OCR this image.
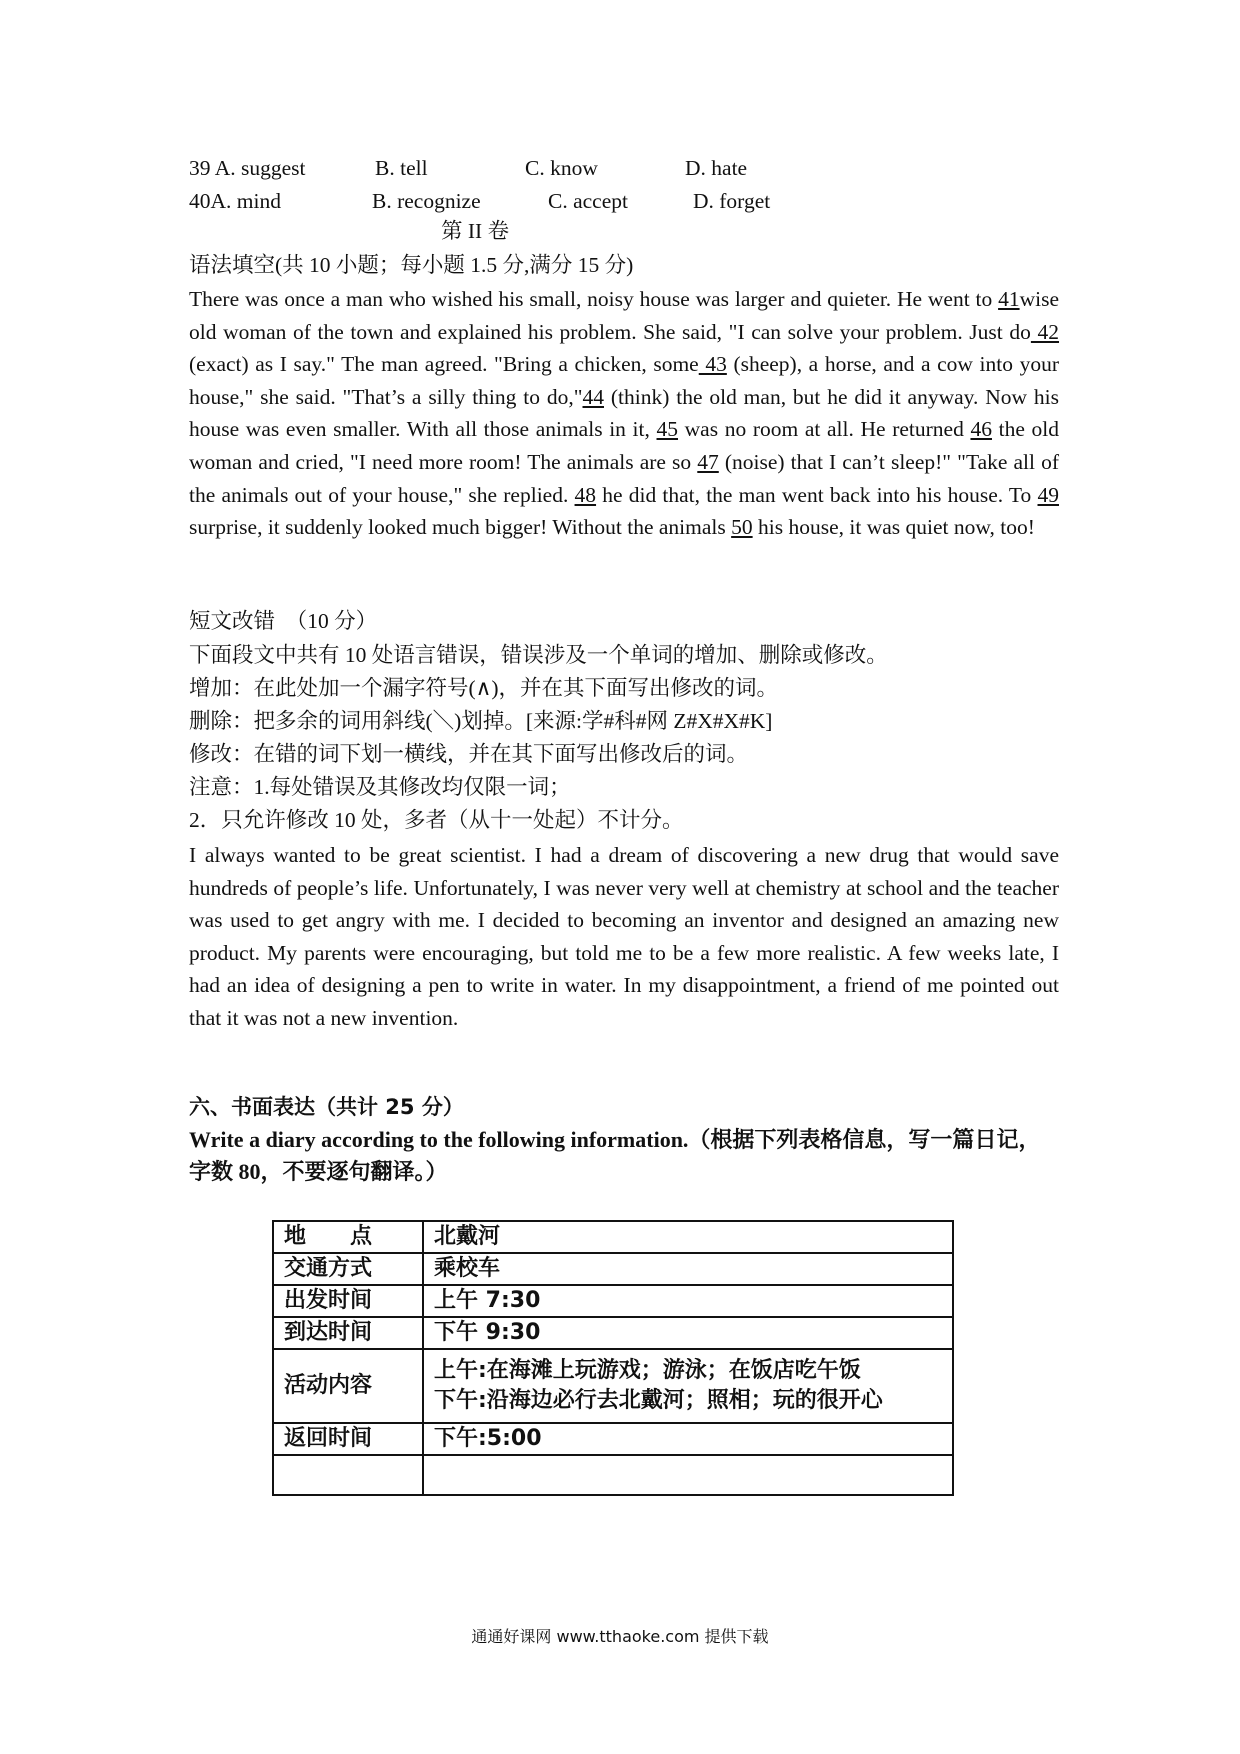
39 A. suggest	B. tell	C. know	D. hate
40A. mind	B. recognize	C. accept	D. forget
第 II 卷
语法填空(共 10 小题；每小题 1.5 分,满分 15 分)
There was once a man who wished his small, noisy house was larger and quieter. He went to 41wise old woman of the town and explained his problem. She said, "I can solve your problem. Just do 42 (exact) as I say." The man agreed. "Bring a chicken, some 43 (sheep), a horse, and a cow into your house," she said. "That’s a silly thing to do,"44 (think) the old man, but he did it anyway. Now his house was even smaller. With all those animals in it, 45 was no room at all. He returned 46 the old woman and cried, "I need more room! The animals are so 47 (noise) that I can’t sleep!" "Take all of the animals out of your house," she replied. 48 he did that, the man went back into his house. To 49 surprise, it suddenly looked much bigger! Without the animals 50 his house, it was quiet now, too!
短文改错　（10 分）
下面段文中共有 10 处语言错误，错误涉及一个单词的增加、删除或修改。
增加：在此处加一个漏字符号(∧)，并在其下面写出修改的词。
删除：把多余的词用斜线(＼)划掉。[来源:学#科#网 Z#X#X#K]
修改：在错的词下划一横线，并在其下面写出修改后的词。
注意：1.每处错误及其修改均仅限一词；
2．只允许修改 10 处，多者（从十一处起）不计分。
I always wanted to be great scientist. I had a dream of discovering a new drug that would save hundreds of people’s life. Unfortunately, I was never very well at chemistry at school and the teacher was used to get angry with me. I decided to becoming an inventor and designed an amazing new product. My parents were encouraging, but told me to be a few more realistic. A few weeks late, I had an idea of designing a pen to write in water. In my disappointment, a friend of me pointed out that it was not a new invention.
六、书面表达（共计 25 分）
Write a diary according to the following information.（根据下列表格信息，写一篇日记，字数 80，不要逐句翻译。）
地　　点	北戴河
交通方式	乘校车
出发时间	上午 7:30
到达时间	下午 9:30
活动内容	上午:在海滩上玩游戏；游泳；在饭店吃午饭
下午:沿海边必行去北戴河；照相；玩的很开心

返回时间	下午:5:00

通通好课网 www.tthaoke.com 提供下载
